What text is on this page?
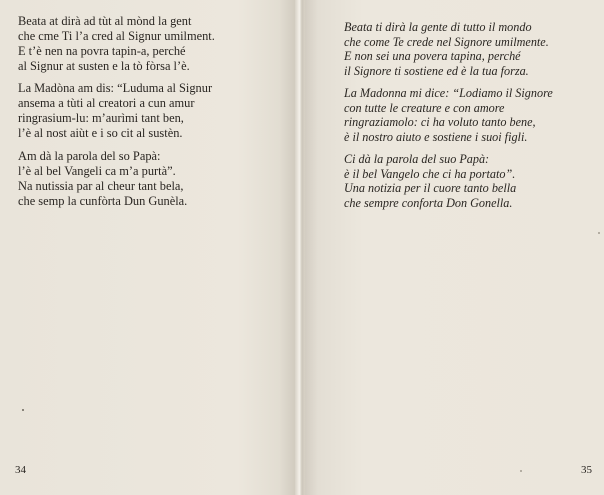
Beata at dirà ad tùt al mònd la gent
che cme Ti l’a cred al Signur umilment.
E t’è nen na povra tapin-a, perché
al Signur at susten e la tò fòrsa l’è.
La Madòna am dis: “Luduma al Signur
ansema a tùti al creatori a cun amur
ringrasium-lu: m’aurìmi tant ben,
l’è al nost aiùt e i so cit al sustèn.
Am dà la parola del so Papà:
l’è al bel Vangeli ca m’a purtà”.
Na nutissia par al cheur tant bela,
che semp la cunfòrta Dun Gunèla.
34
Beata ti dirà la gente di tutto il mondo
che come Te crede nel Signore umilmente.
E non sei una povera tapina, perché
il Signore ti sostiene ed è la tua forza.
La Madonna mi dice: “Lodiamo il Signore
con tutte le creature e con amore
ringraziamolo: ci ha voluto tanto bene,
è il nostro aiuto e sostiene i suoi figli.
Ci dà la parola del suo Papà:
è il bel Vangelo che ci ha portato”.
Una notizia per il cuore tanto bella
che sempre conforta Don Gonella.
35
